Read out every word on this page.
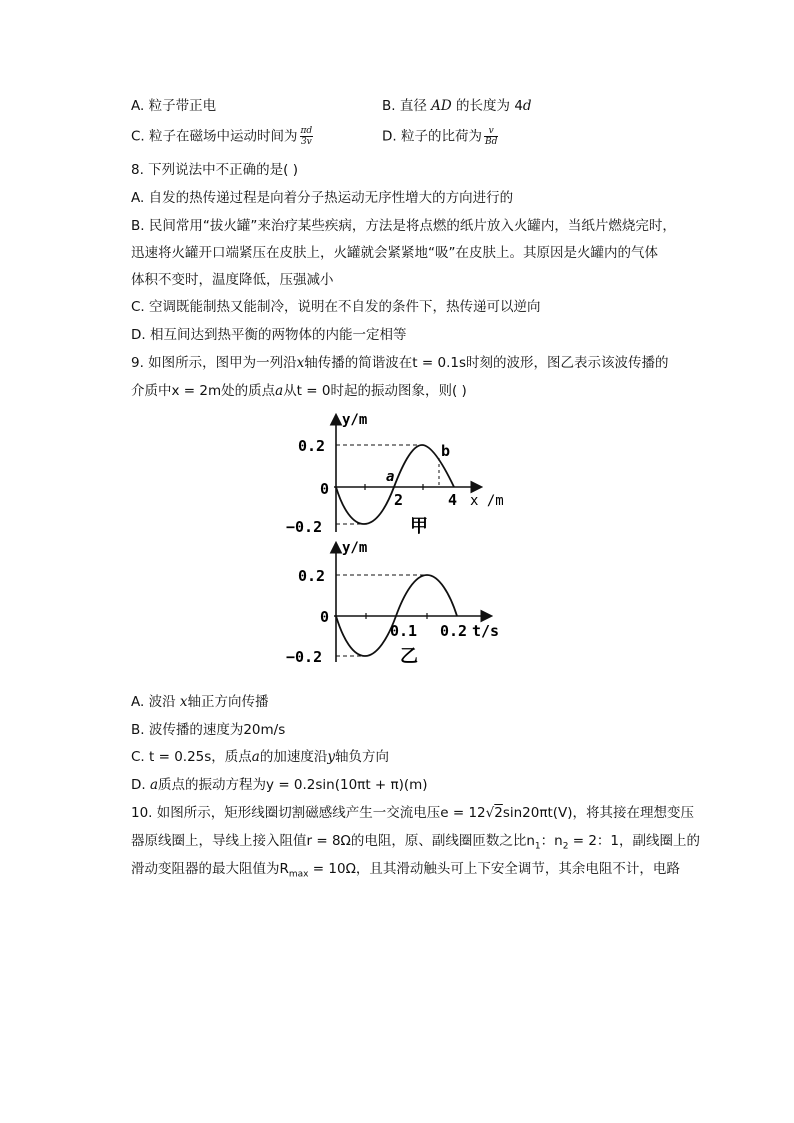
A. 粒子带正电	B. 直径 AD 的长度为 4d
C. 粒子在磁场中运动时间为 $\frac{\pi d}{3v}$	D. 粒子的比荷为 $\frac{v}{Bd}$
8. 下列说法中不正确的是( )
A. 自发的热传递过程是向着分子热运动无序性增大的方向进行的
B. 民间常用“拔火罐”来治疗某些疾病，方法是将点燃的纸片放入火罐内，当纸片燃烧完时，
迅速将火罐开口端紧压在皮肤上，火罐就会紧紧地“吸”在皮肤上。其原因是火罐内的气体
体积不变时，温度降低，压强减小
C. 空调既能制热又能制冷，说明在不自发的条件下，热传递可以逆向
D. 相互间达到热平衡的两物体的内能一定相等
9. 如图所示，图甲为一列沿x轴传播的简谐波在t = 0.1s时刻的波形，图乙表示该波传播的
介质中x = 2m处的质点a从t = 0时起的振动图象，则( )
y/m
0.2
0
−0.2
2	4 x /m
a
b
甲
y/m
0.2
0
−0.2
0.1 0.2 t/s
乙
A. 波沿 x轴正方向传播
B. 波传播的速度为20m/s
C. t = 0.25s，质点a的加速度沿y轴负方向
D. a质点的振动方程为y = 0.2sin(10πt + π)(m)
10. 如图所示，矩形线圈切割磁感线产生一交流电压e = 12√2sin20πt(V)，将其接在理想变压
器原线圈上，导线上接入阻值r = 8Ω的电阻，原、副线圈匝数之比$n_1$：$n_2 = 2$：1，副线圈上的
滑动变阻器的最大阻值为$R_{max} = 10\Omega$，且其滑动触头可上下安全调节，其余电阻不计，电路
